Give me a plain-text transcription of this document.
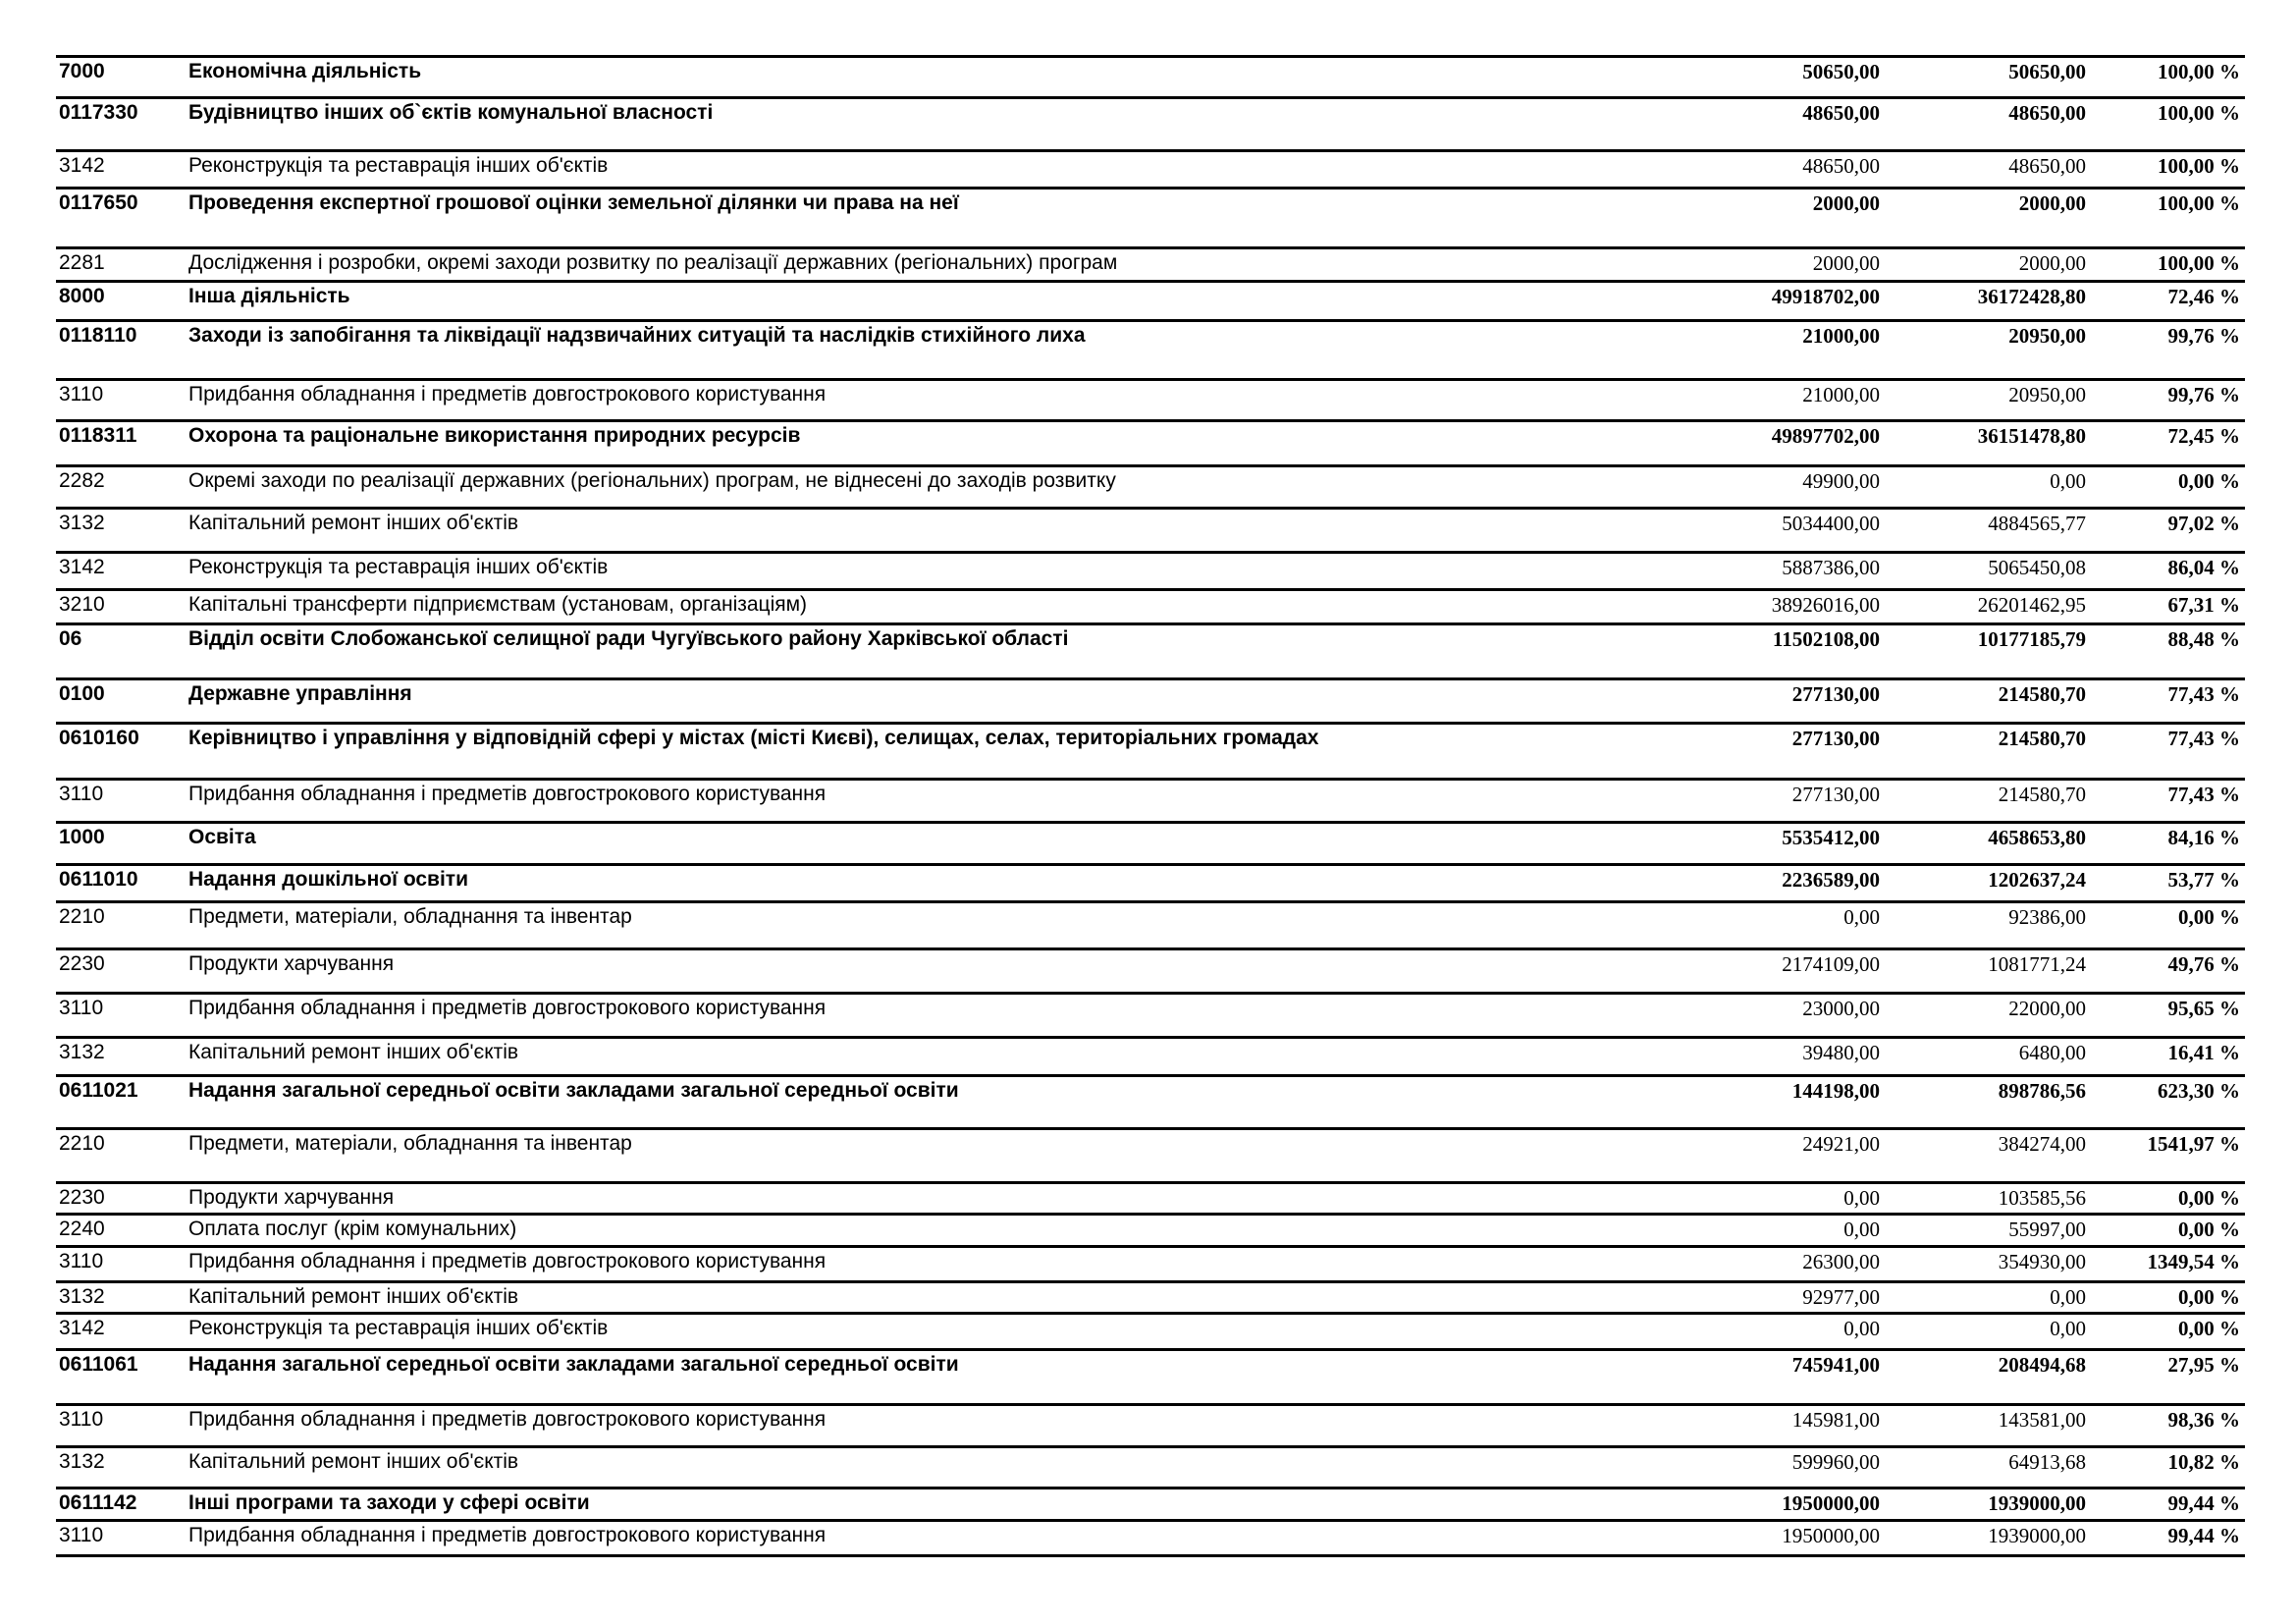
7000	Економічна діяльність	50650,00	50650,00	100,00 %
0117330 Будівництво інших об`єктів комунальної власності	48650,00	48650,00	100,00 %
3142	Реконструкція та реставрація інших об'єктів	48650,00	48650,00	100,00 %
0117650 Проведення експертної грошової оцінки земельної ділянки чи права на неї	2000,00	2000,00	100,00 %
2281	Дослідження і розробки, окремі заходи розвитку по реалізації державних (регіональних) програм	2000,00	2000,00	100,00 %
8000	Інша діяльність	49918702,00	36172428,80	72,46 %
0118110	Заходи із запобігання та ліквідації надзвичайних ситуацій та наслідків стихійного лиха	21000,00	20950,00	99,76 %
3110	Придбання обладнання і предметів довгострокового користування	21000,00	20950,00	99,76 %
0118311	Охорона та раціональне використання природних ресурсів	49897702,00	36151478,80	72,45 %
2282	Окремі заходи по реалізації державних (регіональних) програм, не віднесені до заходів розвитку	49900,00	0,00	0,00 %
3132	Капітальний ремонт інших об'єктів	5034400,00	4884565,77	97,02 %
3142	Реконструкція та реставрація інших об'єктів	5887386,00	5065450,08	86,04 %
3210	Капітальні трансферти підприємствам (установам, організаціям)	38926016,00	26201462,95	67,31 %
06	Відділ освіти Слобожанської селищної ради Чугуївського району Харківської області	11502108,00	10177185,79	88,48 %
0100	Державне управління	277130,00	214580,70	77,43 %
0610160 Керівництво і управління у відповідній сфері у містах (місті Києві), селищах, селах, територіальних громадах	277130,00	214580,70	77,43 %
3110	Придбання обладнання і предметів довгострокового користування	277130,00	214580,70	77,43 %
1000	Освіта	5535412,00	4658653,80	84,16 %
0611010 Надання дошкільної освіти	2236589,00	1202637,24	53,77 %
2210	Предмети, матеріали, обладнання та інвентар	0,00	92386,00	0,00 %
2230	Продукти харчування	2174109,00	1081771,24	49,76 %
3110	Придбання обладнання і предметів довгострокового користування	23000,00	22000,00	95,65 %
3132	Капітальний ремонт інших об'єктів	39480,00	6480,00	16,41 %
0611021 Надання загальної середньої освіти закладами загальної середньої освіти	144198,00	898786,56	623,30 %
2210	Предмети, матеріали, обладнання та інвентар	24921,00	384274,00	1541,97 %
2230	Продукти харчування	0,00	103585,56	0,00 %
2240	Оплата послуг (крім комунальних)	0,00	55997,00	0,00 %
3110	Придбання обладнання і предметів довгострокового користування	26300,00	354930,00	1349,54 %
3132	Капітальний ремонт інших об'єктів	92977,00	0,00	0,00 %
3142	Реконструкція та реставрація інших об'єктів	0,00	0,00	0,00 %
0611061 Надання загальної середньої освіти закладами загальної середньої освіти	745941,00	208494,68	27,95 %
3110	Придбання обладнання і предметів довгострокового користування	145981,00	143581,00	98,36 %
3132	Капітальний ремонт інших об'єктів	599960,00	64913,68	10,82 %
0611142	Інші програми та заходи у сфері освіти	1950000,00	1939000,00	99,44 %
3110	Придбання обладнання і предметів довгострокового користування	1950000,00	1939000,00	99,44 %
